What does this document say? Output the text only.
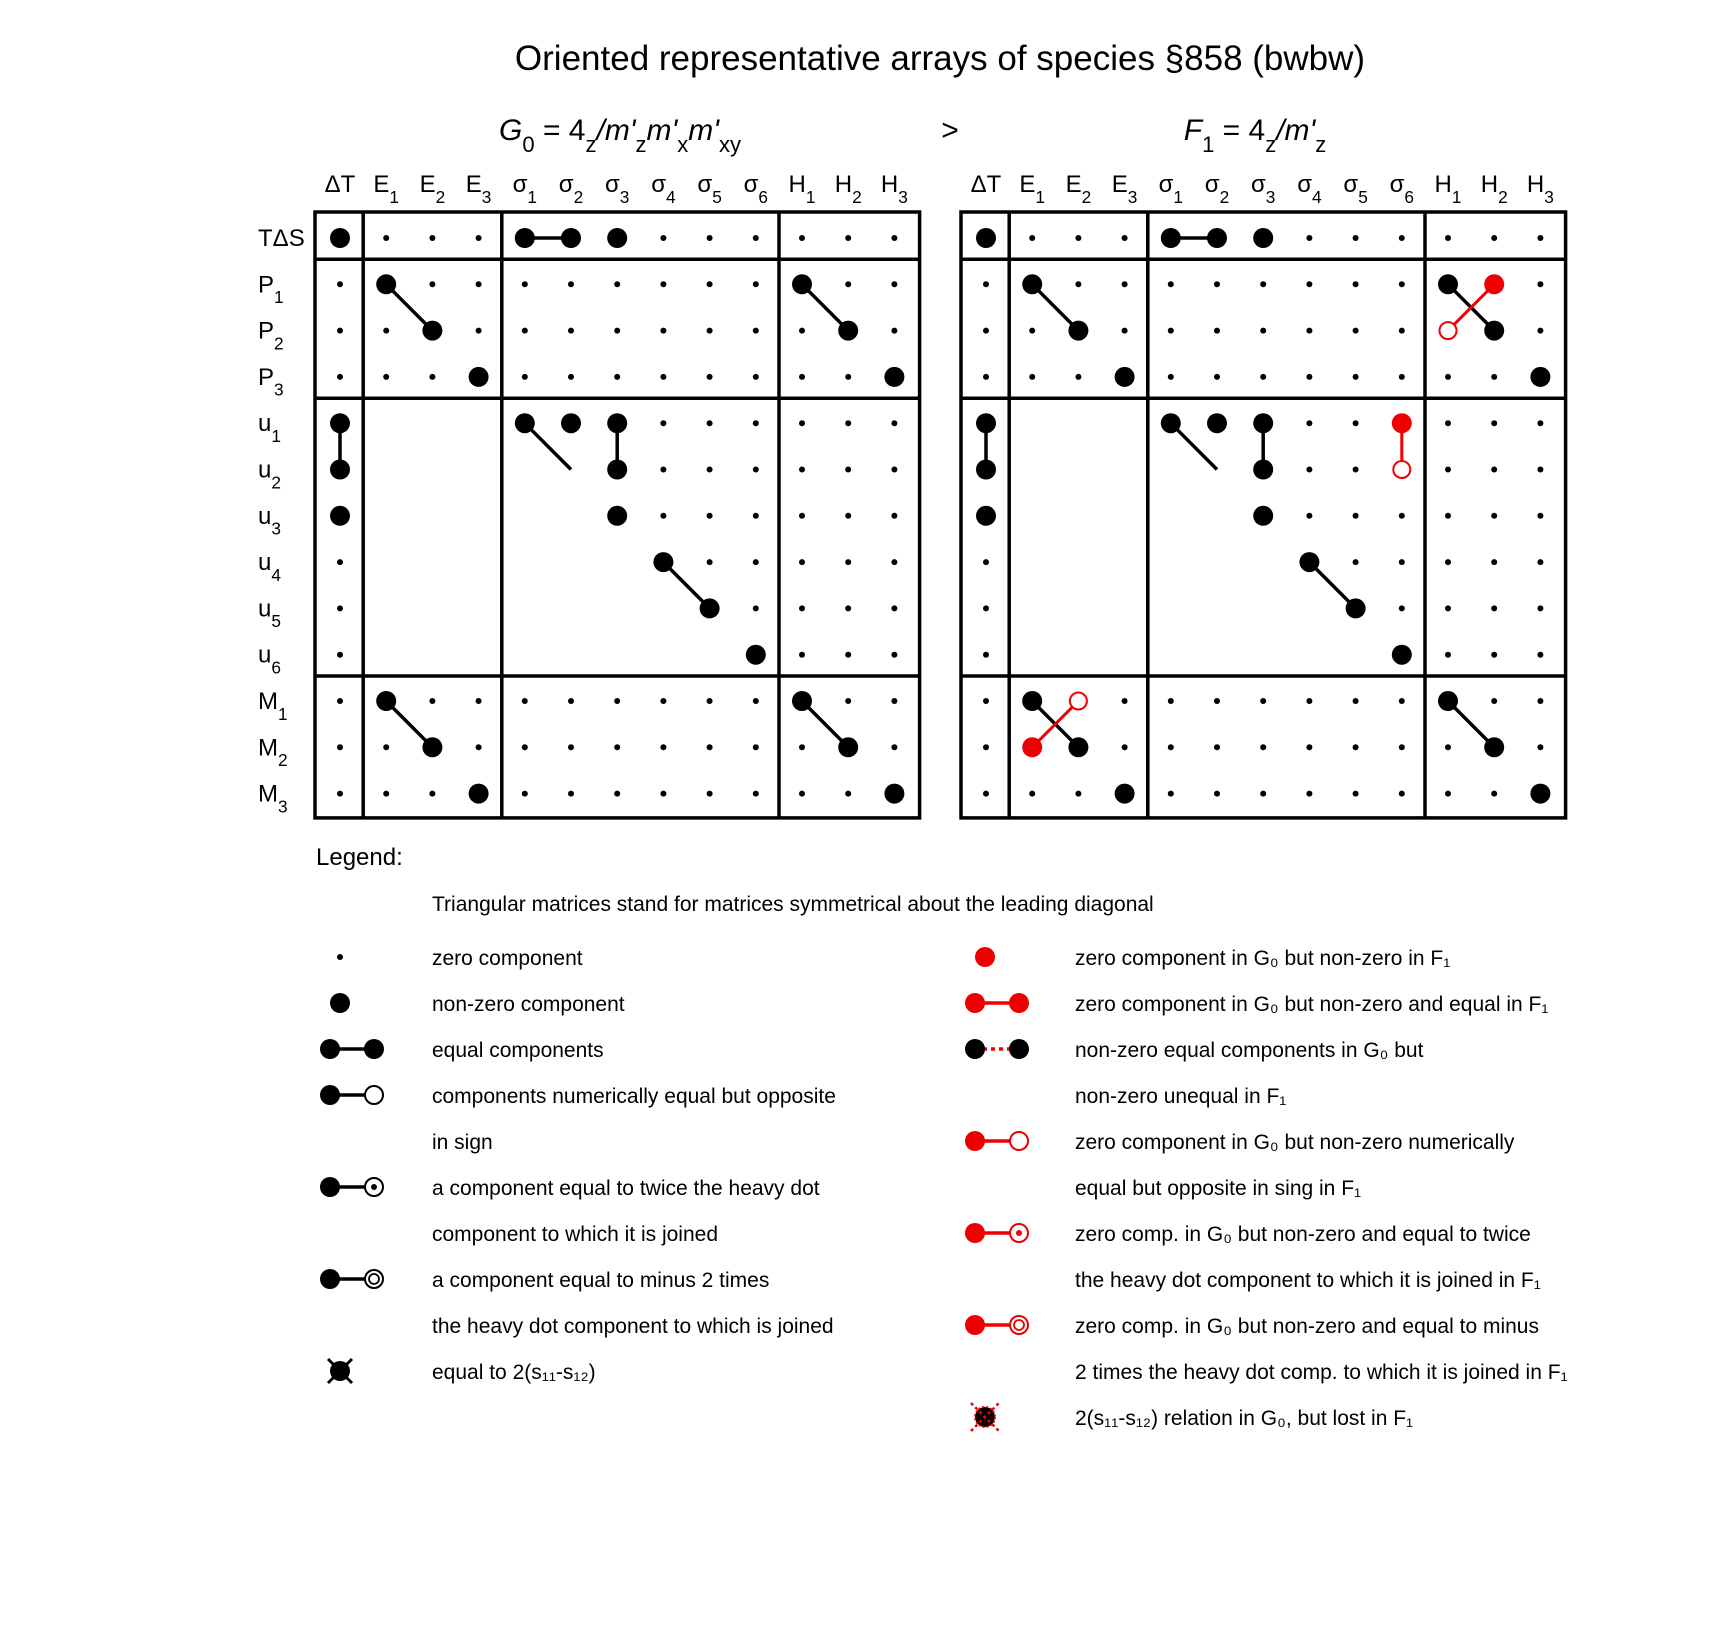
Oriented representative arrays of species §858 (bwbw)
>
ΔT $E_1$ $E_2$ $E_3$ $\sigma_1$ $\sigma_2$ $\sigma_3$ $\sigma_4$ $\sigma_5$ $\sigma_6$ $H_1$ $H_2$ $H_3$
TΔS
$P_1$
$P_2$
$P_3$
$u_1$
$u_2$
$u_3$
$u_4$
$u_5$
$u_6$
$M_1$
$M_2$
$M_3$
ΔT $E_1$ $E_2$ $E_3$ $\sigma_1$ $\sigma_2$ $\sigma_3$ $\sigma_4$ $\sigma_5$ $\sigma_6$ $H_1$ $H_2$ $H_3$
Legend:
Triangular matrices stand for matrices symmetrical about the leading diagonal
zero component
non-zero component
equal components
components numerically equal but opposite
in sign
a component equal to twice the heavy dot
component to which it is joined
a component equal to minus 2 times
the heavy dot component to which is joined
equal to 2(s₁₁-s₁₂)
zero component in G₀ but non-zero in F₁
zero component in G₀ but non-zero and equal in F₁
non-zero equal components in G₀ but
non-zero unequal in F₁
zero component in G₀ but non-zero numerically
equal but opposite in sing in F₁
zero comp. in G₀ but non-zero and equal to twice
the heavy dot component to which it is joined in F₁
zero comp. in G₀ but non-zero and equal to minus
2 times the heavy dot comp. to which it is joined in F₁
2(s₁₁-s₁₂) relation in G₀, but lost in F₁
$G_0 = 4_z/m'_zm'_xm'_{xy}$	$F_1 = 4_z/m'_z$
